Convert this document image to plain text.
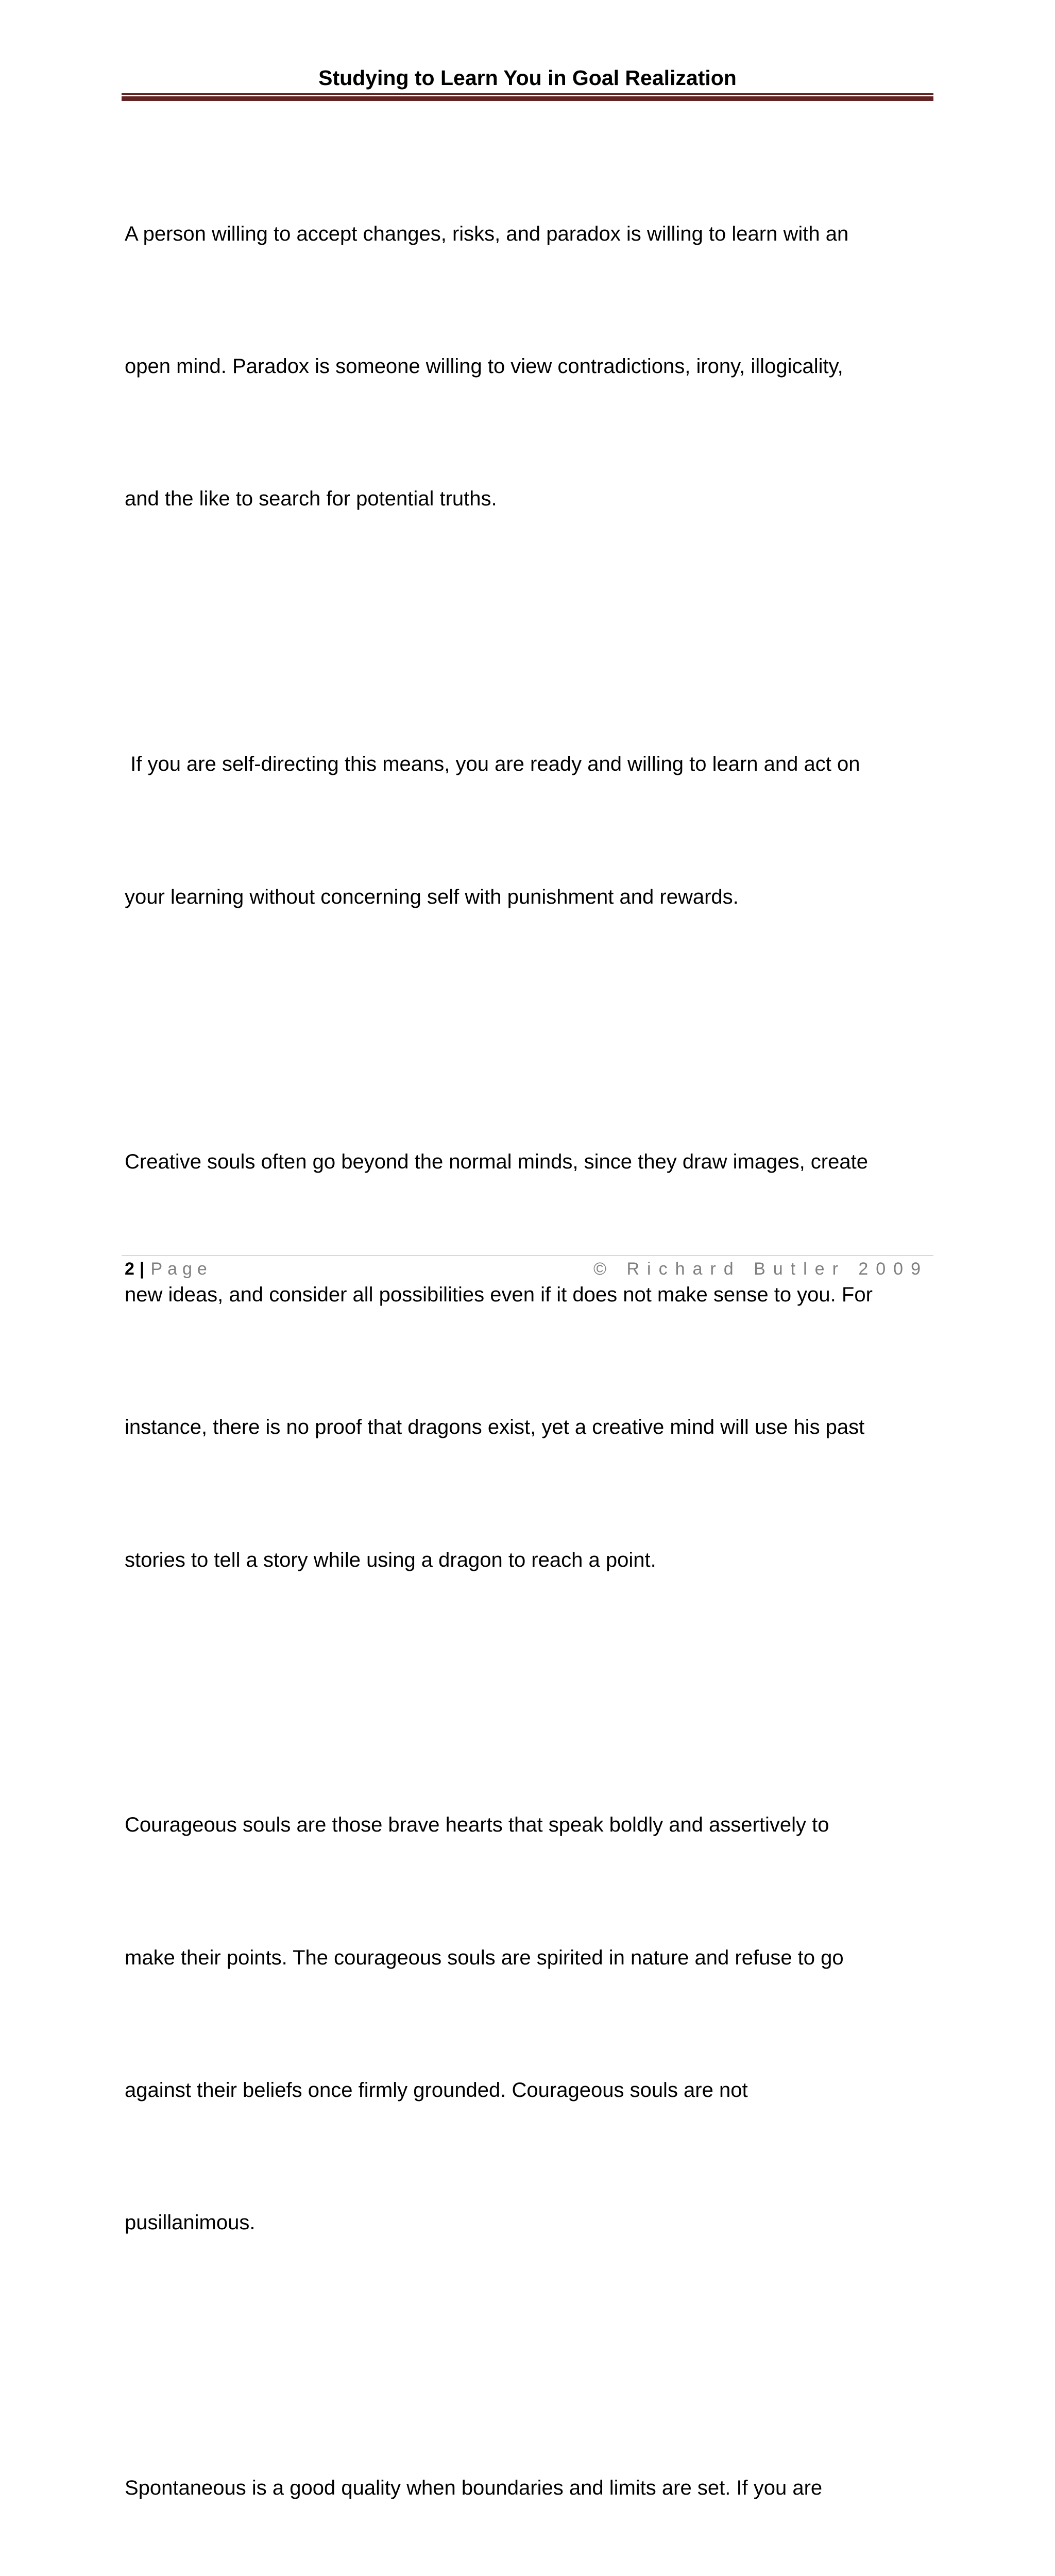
Studying to Learn You in Goal Realization

A person willing to accept changes, risks, and paradox is willing to learn with an

open mind. Paradox is someone willing to view contradictions, irony, illogicality,

and the like to search for potential truths.

If you are self-directing this means, you are ready and willing to learn and act on

your learning without concerning self with punishment and rewards.

Creative souls often go beyond the normal minds, since they draw images, create

new ideas, and consider all possibilities even if it does not make sense to you. For

instance, there is no proof that dragons exist, yet a creative mind will use his past

stories to tell a story while using a dragon to reach a point.

Courageous souls are those brave hearts that speak boldly and assertively to

make their points. The courageous souls are spirited in nature and refuse to go

against their beliefs once firmly grounded. Courageous souls are not

pusillanimous.

Spontaneous is a good quality when boundaries and limits are set. If you are

2 | Page	© Richard Butler 2009
